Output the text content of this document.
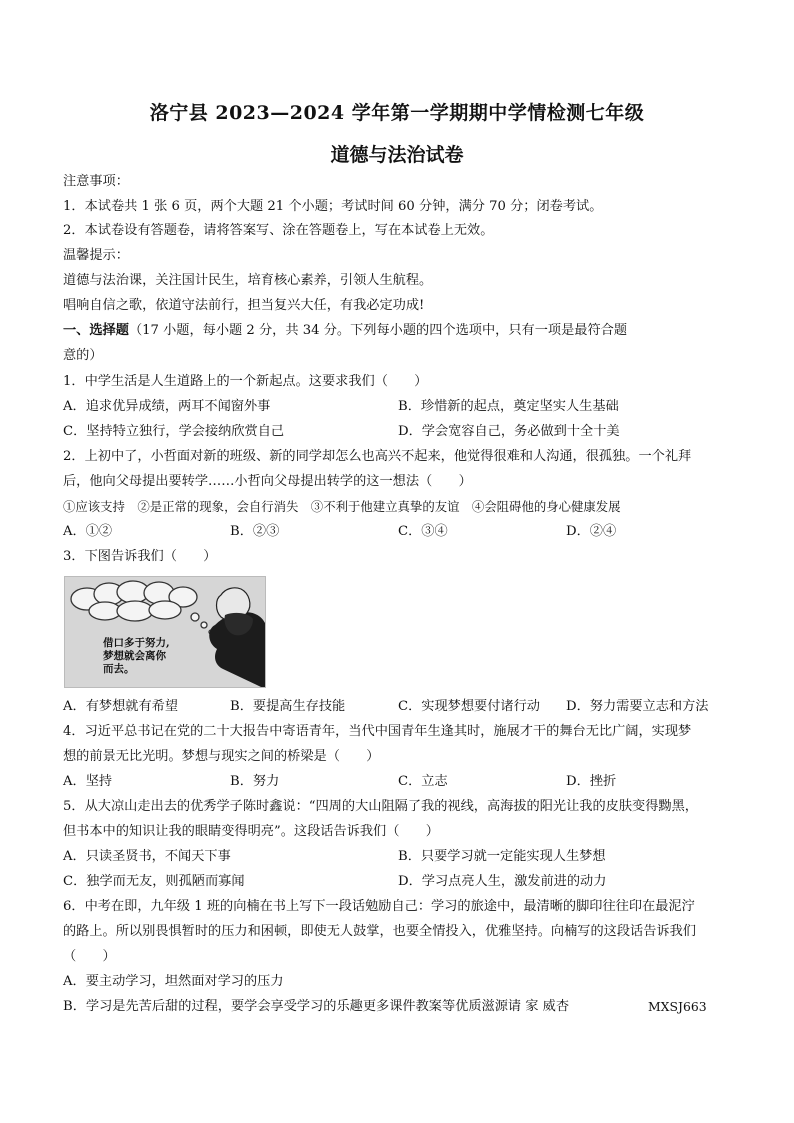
洛宁县 2023—2024 学年第一学期期中学情检测七年级
道德与法治试卷
注意事项：
1．本试卷共 1 张 6 页，两个大题 21 个小题；考试时间 60 分钟，满分 70 分；闭卷考试。
2．本试卷设有答题卷，请将答案写、涂在答题卷上，写在本试卷上无效。
温馨提示：
道德与法治课，关注国计民生，培育核心素养，引领人生航程。
唱响自信之歌，依道守法前行，担当复兴大任，有我必定功成!
一、选择题（17 小题，每小题 2 分，共 34 分。下列每小题的四个选项中，只有一项是最符合题
意的）
1．中学生活是人生道路上的一个新起点。这要求我们（　　）
A．追求优异成绩，两耳不闻窗外事	B．珍惜新的起点，奠定坚实人生基础
C．坚持特立独行，学会接纳欣赏自己	D．学会宽容自己，务必做到十全十美
2．上初中了，小哲面对新的班级、新的同学却怎么也高兴不起来，他觉得很难和人沟通，很孤独。一个礼拜
后，他向父母提出要转学……小哲向父母提出转学的这一想法（　　）
①应该支持　②是正常的现象，会自行消失　③不利于他建立真挚的友谊　④会阻碍他的身心健康发展
A．①②	B．②③	C．③④	D．②④
3．下图告诉我们（　　）
借口多于努力,
梦想就会离你
而去。
A．有梦想就有希望	B．要提高生存技能	C．实现梦想要付诸行动 D．努力需要立志和方法
4．习近平总书记在党的二十大报告中寄语青年，当代中国青年生逢其时，施展才干的舞台无比广阔，实现梦
想的前景无比光明。梦想与现实之间的桥梁是（　　）
A．坚持	B．努力	C．立志	D．挫折
5．从大凉山走出去的优秀学子陈时鑫说：“四周的大山阻隔了我的视线，高海拔的阳光让我的皮肤变得黝黑，
但书本中的知识让我的眼睛变得明亮”。这段话告诉我们（　　）
A．只读圣贤书，不闻天下事	B．只要学习就一定能实现人生梦想
C．独学而无友，则孤陋而寡闻	D．学习点亮人生，激发前进的动力
6．中考在即，九年级 1 班的向楠在书上写下一段话勉励自己：学习的旅途中，最清晰的脚印往往印在最泥泞
的路上。所以别畏惧暂时的压力和困顿，即使无人鼓掌，也要全情投入，优雅坚持。向楠写的这段话告诉我们
（　　）
A．要主动学习，坦然面对学习的压力
B．学习是先苦后甜的过程，要学会享受学习的乐趣更多课件教案等优质滋源请 家 威杏	MXSJ663
